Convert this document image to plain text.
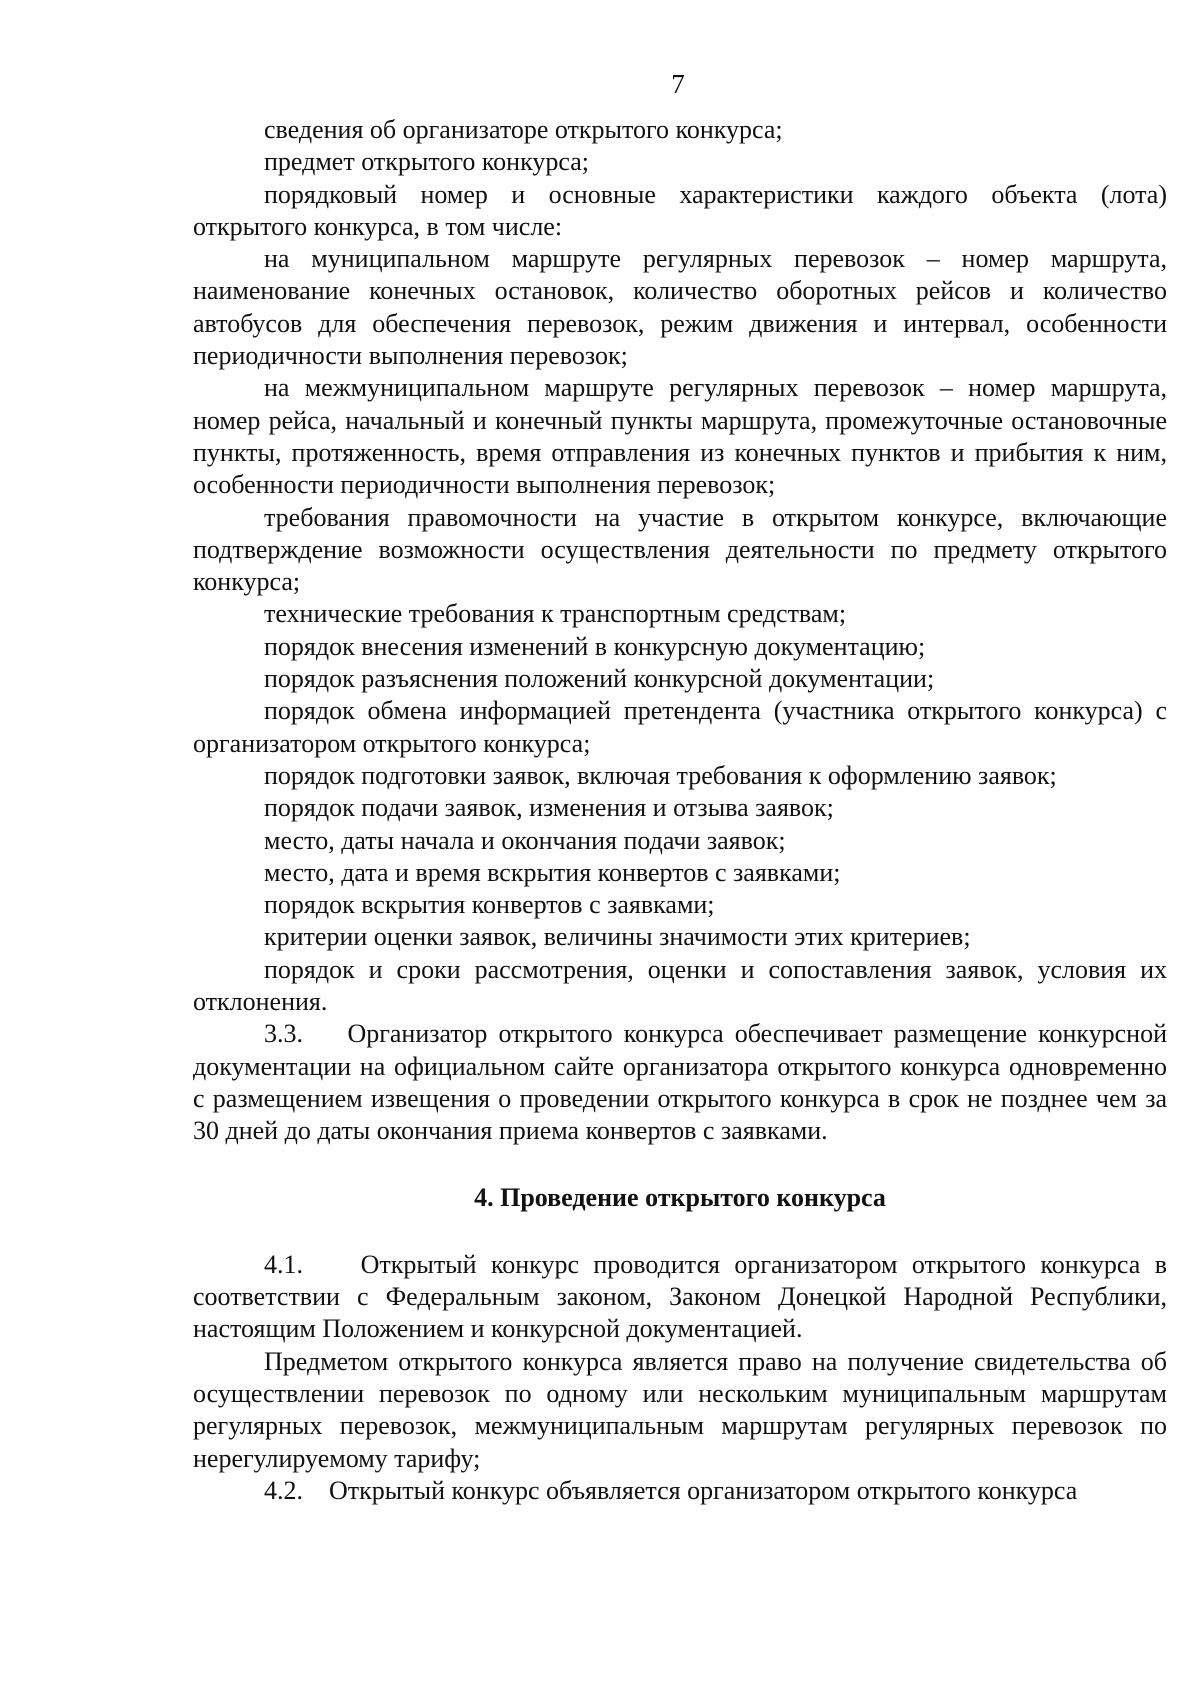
7

сведения об организаторе открытого конкурса;

предмет открытого конкурса;

порядковый номер и основные характеристики каждого объекта (лота) открытого конкурса, в том числе:

на муниципальном маршруте регулярных перевозок – номер маршрута, наименование конечных остановок, количество оборотных рейсов и количество автобусов для обеспечения перевозок, режим движения и интервал, особенности периодичности выполнения перевозок;

на межмуниципальном маршруте регулярных перевозок – номер маршрута, номер рейса, начальный и конечный пункты маршрута, промежуточные остановочные пункты, протяженность, время отправления из конечных пунктов и прибытия к ним, особенности периодичности выполнения перевозок;

требования правомочности на участие в открытом конкурсе, включающие подтверждение возможности осуществления деятельности по предмету открытого конкурса;

технические требования к транспортным средствам;

порядок внесения изменений в конкурсную документацию;

порядок разъяснения положений конкурсной документации;

порядок обмена информацией претендента (участника открытого конкурса) с организатором открытого конкурса;

порядок подготовки заявок, включая требования к оформлению заявок;

порядок подачи заявок, изменения и отзыва заявок;

место, даты начала и окончания подачи заявок;

место, дата и время вскрытия конвертов с заявками;

порядок вскрытия конвертов с заявками;

критерии оценки заявок, величины значимости этих критериев;

порядок и сроки рассмотрения, оценки и сопоставления заявок, условия их отклонения.

3.3. Организатор открытого конкурса обеспечивает размещение конкурсной документации на официальном сайте организатора открытого конкурса одновременно с размещением извещения о проведении открытого конкурса в срок не позднее чем за 30 дней до даты окончания приема конвертов с заявками.

4. Проведение открытого конкурса

4.1. Открытый конкурс проводится организатором открытого конкурса в соответствии с Федеральным законом, Законом Донецкой Народной Республики, настоящим Положением и конкурсной документацией.

Предметом открытого конкурса является право на получение свидетельства об осуществлении перевозок по одному или нескольким муниципальным маршрутам регулярных перевозок, межмуниципальным маршрутам регулярных перевозок по нерегулируемому тарифу;

4.2. Открытый конкурс объявляется организатором открытого конкурса
